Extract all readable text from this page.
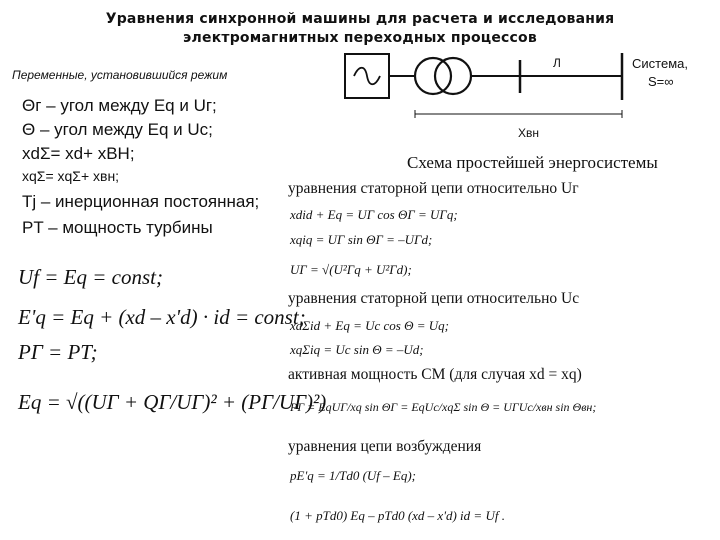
Уравнения синхронной машины для расчета и исследования
электромагнитных переходных процессов
Переменные, установившийся режим
Θг – угол между Eq и Uг;
Θ – угол между Eq и Uc;
xdΣ= xd+ xBH;
xqΣ= xqΣ+ xвн;
Tj – инерционная постоянная;
PT – мощность турбины
Uf = Eq = const;
E'q = Eq + (xd – x'd) · id = const;
PГ = PT;
Eq = √((UГ + QГ/UГ)² + (PГ/UГ)²)
Л	Система,
S=∞
Xвн
Схема простейшей энергосистемы
уравнения статорной цепи относительно Uг
xdid + Eq = UГ cos ΘГ = UГq;
xqiq = UГ sin ΘГ = –UГd;
UГ = √(U²Гq + U²Гd);
уравнения статорной цепи относительно Uc
xdΣid + Eq = Uc cos Θ = Uq;
xqΣiq = Uc sin Θ = –Ud;
активная мощность СМ (для случая xd = xq)
PГ = EqUГ/xq sin ΘГ = EqUc/xqΣ sin Θ = UГUc/xвн sin Θвн;
уравнения цепи возбуждения
pE'q = 1/Td0 (Uf – Eq);
(1 + pTd0) Eq – pTd0 (xd – x'd) id = Uf .
